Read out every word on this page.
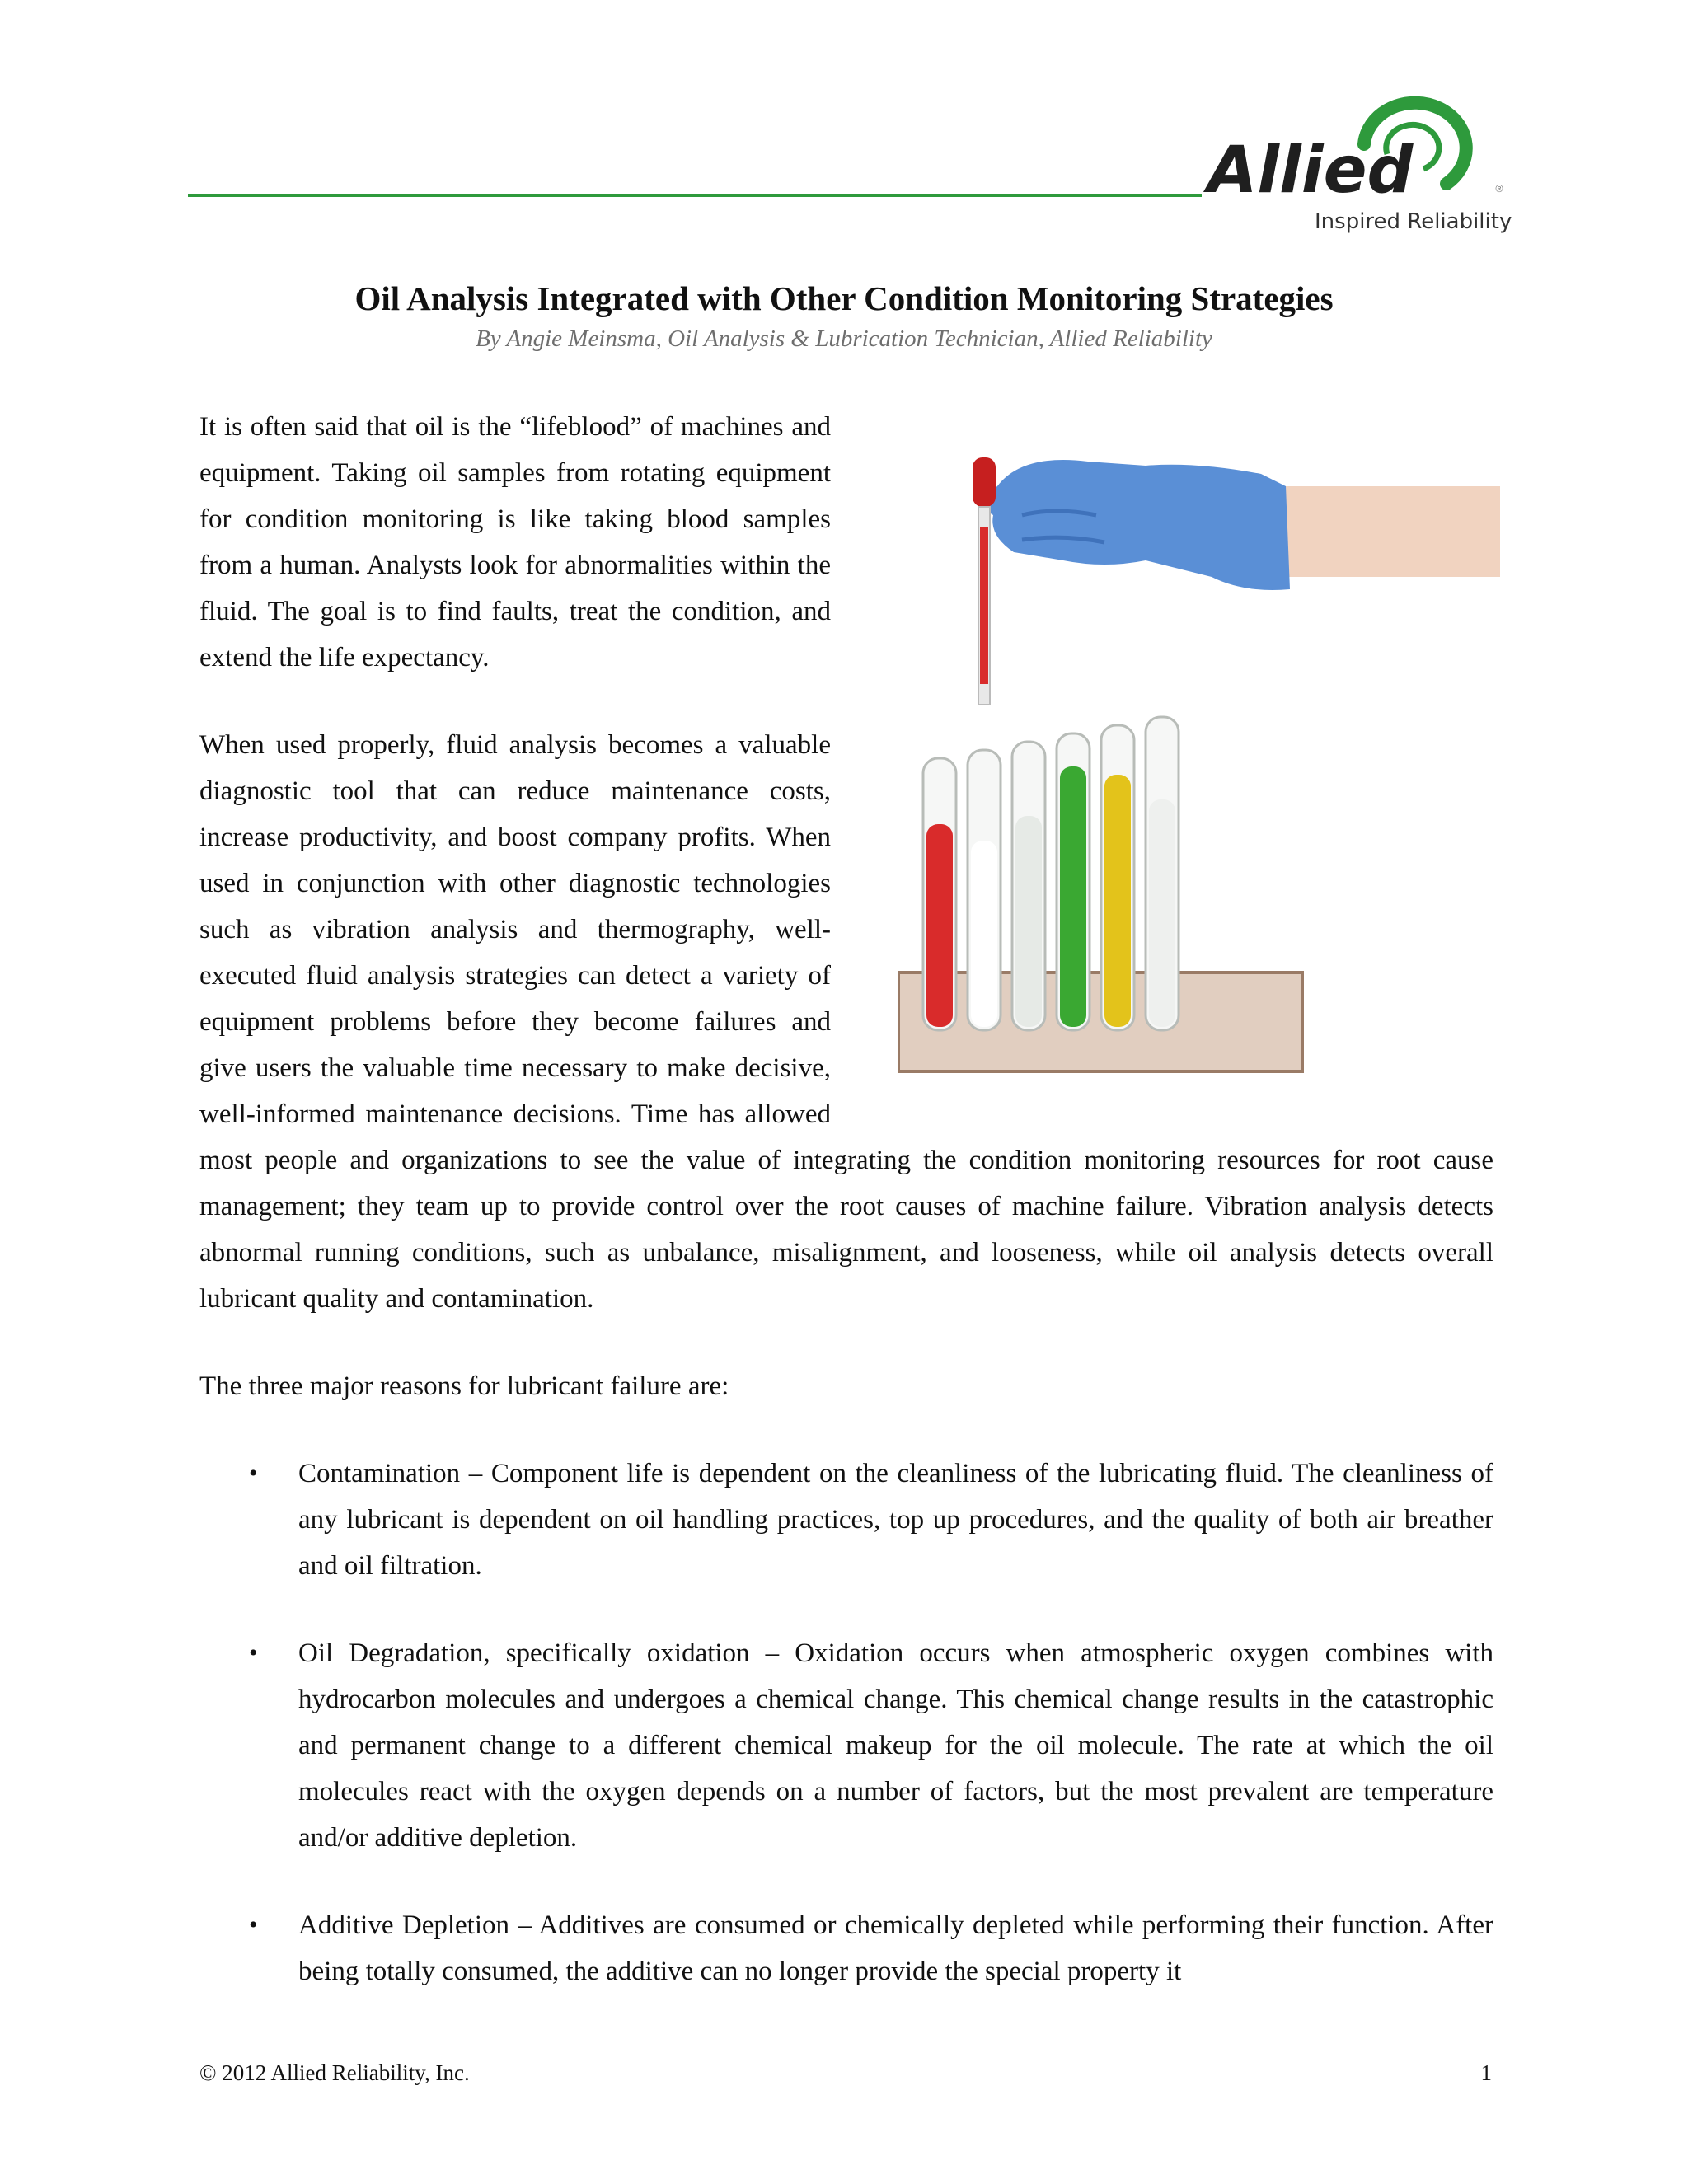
Allied	®
Inspired Reliability
Oil Analysis Integrated with Other Condition Monitoring Strategies

By Angie Meinsma, Oil Analysis & Lubrication Technician, Allied Reliability

It is often said that oil is the “lifeblood” of machines and equipment. Taking oil samples from rotating equipment for condition monitoring is like taking blood samples from a human. Analysts look for abnormalities within the fluid. The goal is to find faults, treat the condition, and extend the life expectancy.

When used properly, fluid analysis becomes a valuable diagnostic tool that can reduce maintenance costs, increase productivity, and boost company profits. When used in conjunction with other diagnostic technologies such as vibration analysis and thermography, well-executed fluid analysis strategies can detect a variety of equipment problems before they become failures and give users the valuable time necessary to make decisive, well-informed maintenance decisions. Time has allowed most people and organizations to see the value of integrating the condition monitoring resources for root cause management; they team up to provide control over the root causes of machine failure. Vibration analysis detects abnormal running conditions, such as unbalance, misalignment, and looseness, while oil analysis detects overall lubricant quality and contamination.

The three major reasons for lubricant failure are:

• Contamination – Component life is dependent on the cleanliness of the lubricating fluid. The cleanliness of any lubricant is dependent on oil handling practices, top up procedures, and the quality of both air breather and oil filtration.
• Oil Degradation, specifically oxidation – Oxidation occurs when atmospheric oxygen combines with hydrocarbon molecules and undergoes a chemical change. This chemical change results in the catastrophic and permanent change to a different chemical makeup for the oil molecule. The rate at which the oil molecules react with the oxygen depends on a number of factors, but the most prevalent are temperature and/or additive depletion.
• Additive Depletion – Additives are consumed or chemically depleted while performing their function. After being totally consumed, the additive can no longer provide the special property it
© 2012 Allied Reliability, Inc.	1
